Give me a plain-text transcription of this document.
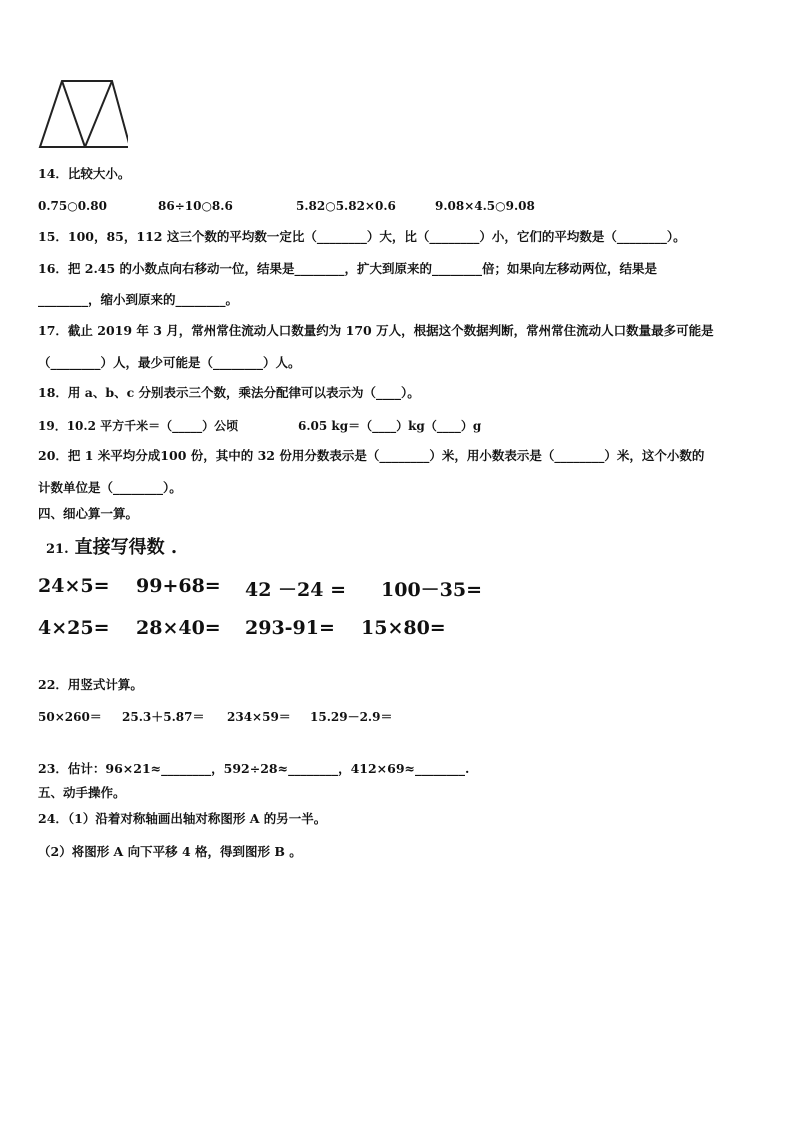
14．比较大小。
0.75○0.80	86÷10○8.6	5.82○5.82×0.6	9.08×4.5○9.08
15．100，85，112 这三个数的平均数一定比（________）大，比（________）小，它们的平均数是（________）。
16．把 2.45 的小数点向右移动一位，结果是________，扩大到原来的________倍；如果向左移动两位，结果是
________，缩小到原来的________。
17．截止 2019 年 3 月，常州常住流动人口数量约为 170 万人，根据这个数据判断，常州常住流动人口数量最多可能是
（________）人，最少可能是（________）人。
18．用 a、b、c 分别表示三个数，乘法分配律可以表示为（____）。
19．10.2 平方千米＝（_____）公顷	6.05 kg＝（____）kg（____）g
20．把 1 米平均分成100 份，其中的 32 份用分数表示是（________）米，用小数表示是（________）米，这个小数的
计数单位是（________）。
四、细心算一算。
21. 直接写得数 .
24×5= 99+68= 42 －24 = 100－35=
4×25= 28×40= 293-91= 15×80=
22．用竖式计算。
50×260＝ 25.3＋5.87＝ 234×59＝ 15.29－2.9＝
23．估计：96×21≈________，592÷28≈________，412×69≈________.
五、动手操作。
24．（1）沿着对称轴画出轴对称图形 A 的另一半。
（2）将图形 A 向下平移 4 格，得到图形 B 。
